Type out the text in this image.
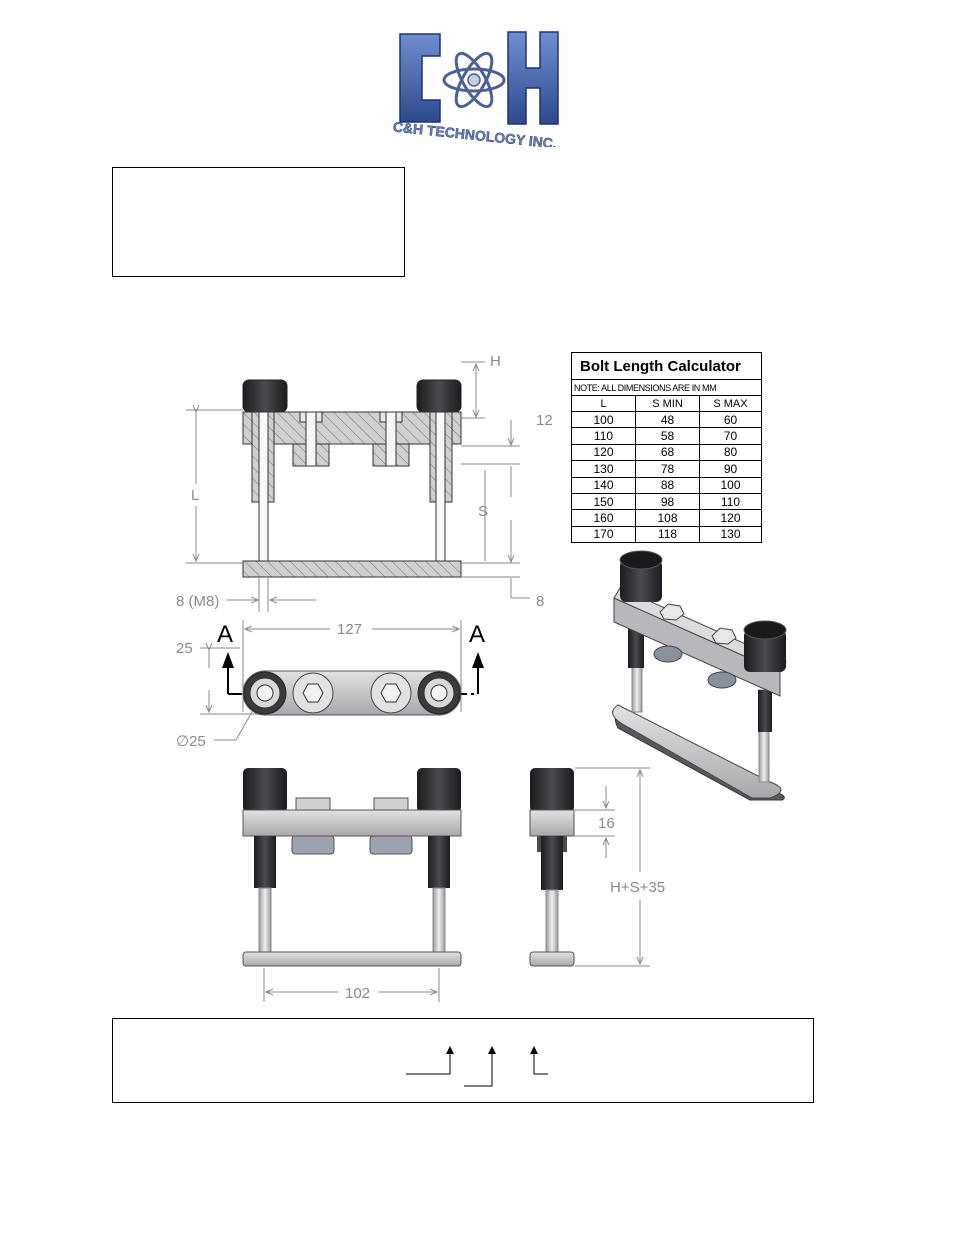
C&H TECHNOLOGY INC.
Bolt Length Calculator		
NOTE: ALL DIMENSIONS ARE IN MM		
L	S MIN	S MAX
100	48	60
110	58	70
120	68	80
130	78	90
140	88	100
150	98	110
160	108	120
170	118	130
H
12
L
S
8 (M8)	8
127
25
∅25
A	A
102
16
H+S+35
